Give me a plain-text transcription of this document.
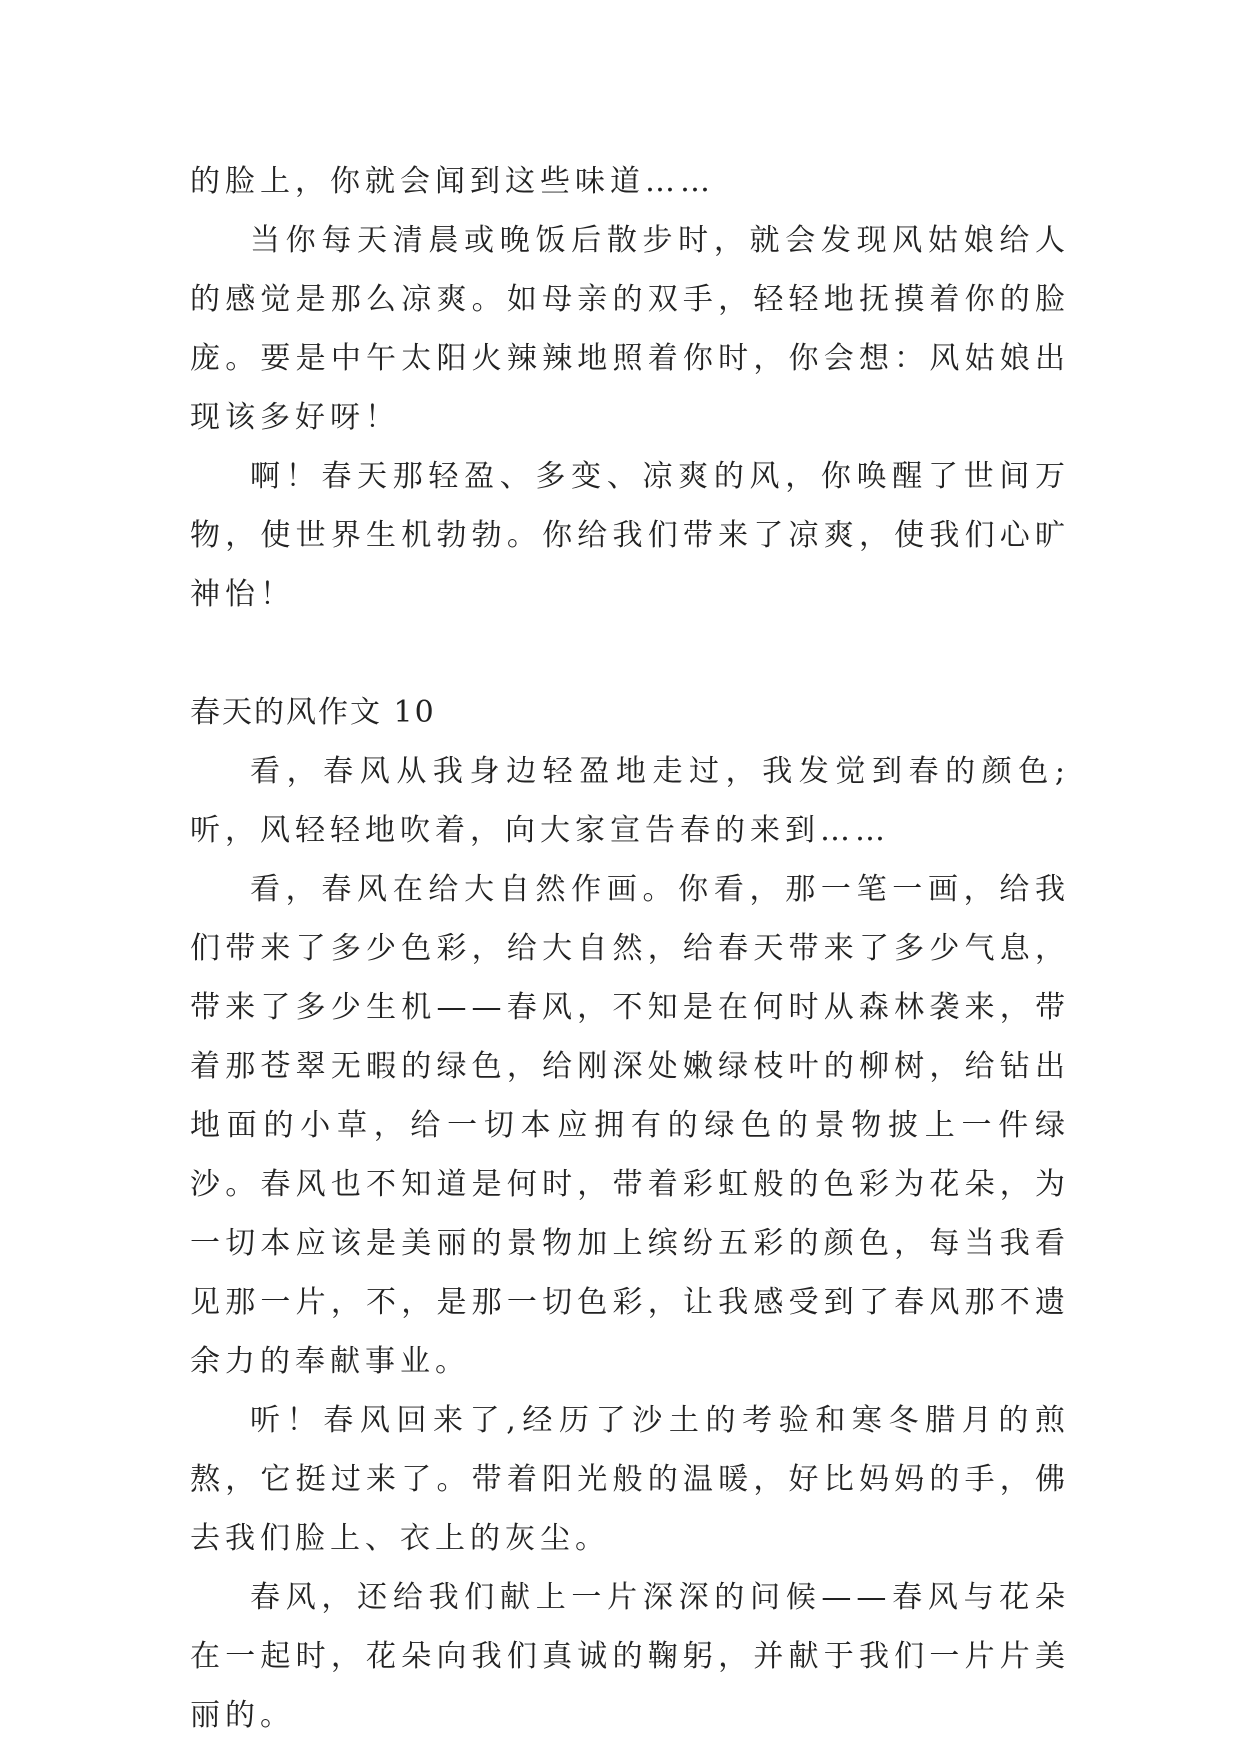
的脸上，你就会闻到这些味道……

当你每天清晨或晚饭后散步时，就会发现风姑娘给人的感觉是那么凉爽。如母亲的双手，轻轻地抚摸着你的脸庞。要是中午太阳火辣辣地照着你时，你会想：风姑娘出现该多好呀！

啊！春天那轻盈、多变、凉爽的风，你唤醒了世间万物，使世界生机勃勃。你给我们带来了凉爽，使我们心旷神怡！

春天的风作文 10

看，春风从我身边轻盈地走过，我发觉到春的颜色;听，风轻轻地吹着，向大家宣告春的来到……

看，春风在给大自然作画。你看，那一笔一画，给我们带来了多少色彩，给大自然，给春天带来了多少气息，带来了多少生机——春风，不知是在何时从森林袭来，带着那苍翠无暇的绿色，给刚深处嫩绿枝叶的柳树，给钻出地面的小草，给一切本应拥有的绿色的景物披上一件绿沙。春风也不知道是何时，带着彩虹般的色彩为花朵，为一切本应该是美丽的景物加上缤纷五彩的颜色，每当我看见那一片，不，是那一切色彩，让我感受到了春风那不遗余力的奉献事业。

听！春风回来了,经历了沙土的考验和寒冬腊月的煎熬，它挺过来了。带着阳光般的温暖，好比妈妈的手，佛去我们脸上、衣上的灰尘。

春风，还给我们献上一片深深的问候——春风与花朵在一起时，花朵向我们真诚的鞠躬，并献于我们一片片美丽的。
